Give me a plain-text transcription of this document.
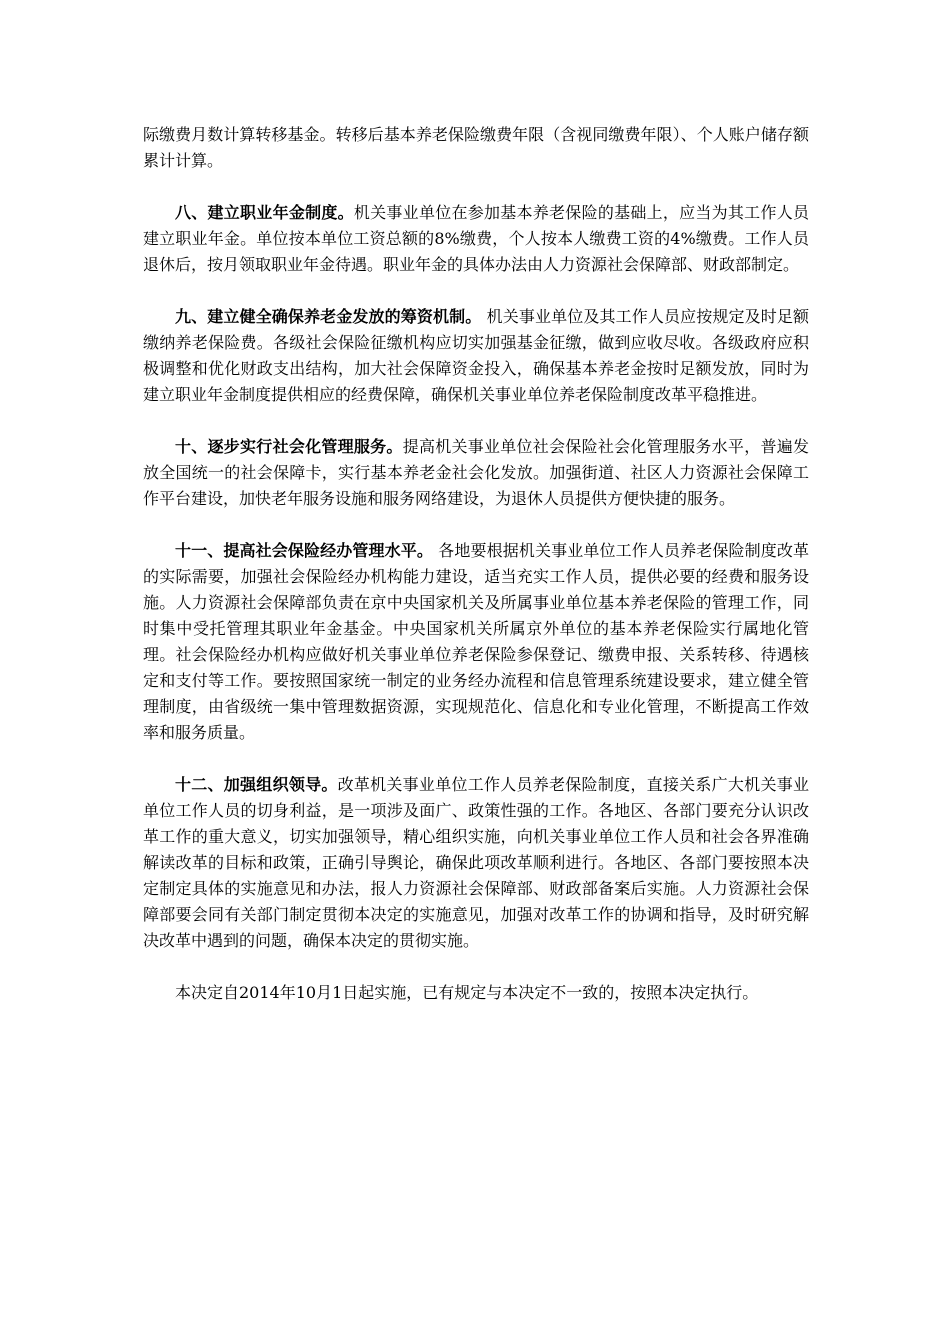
际缴费月数计算转移基金。转移后基本养老保险缴费年限（含视同缴费年限）、个人账户储存额累计计算。

八、建立职业年金制度。机关事业单位在参加基本养老保险的基础上，应当为其工作人员建立职业年金。单位按本单位工资总额的8%缴费，个人按本人缴费工资的4%缴费。工作人员退休后，按月领取职业年金待遇。职业年金的具体办法由人力资源社会保障部、财政部制定。

九、建立健全确保养老金发放的筹资机制。 机关事业单位及其工作人员应按规定及时足额缴纳养老保险费。各级社会保险征缴机构应切实加强基金征缴，做到应收尽收。各级政府应积极调整和优化财政支出结构，加大社会保障资金投入，确保基本养老金按时足额发放，同时为建立职业年金制度提供相应的经费保障，确保机关事业单位养老保险制度改革平稳推进。

十、逐步实行社会化管理服务。提高机关事业单位社会保险社会化管理服务水平，普遍发放全国统一的社会保障卡，实行基本养老金社会化发放。加强街道、社区人力资源社会保障工作平台建设，加快老年服务设施和服务网络建设，为退休人员提供方便快捷的服务。

十一、提高社会保险经办管理水平。 各地要根据机关事业单位工作人员养老保险制度改革的实际需要，加强社会保险经办机构能力建设，适当充实工作人员，提供必要的经费和服务设施。人力资源社会保障部负责在京中央国家机关及所属事业单位基本养老保险的管理工作，同时集中受托管理其职业年金基金。中央国家机关所属京外单位的基本养老保险实行属地化管理。社会保险经办机构应做好机关事业单位养老保险参保登记、缴费申报、关系转移、待遇核定和支付等工作。要按照国家统一制定的业务经办流程和信息管理系统建设要求，建立健全管理制度，由省级统一集中管理数据资源，实现规范化、信息化和专业化管理，不断提高工作效率和服务质量。

十二、加强组织领导。改革机关事业单位工作人员养老保险制度，直接关系广大机关事业单位工作人员的切身利益，是一项涉及面广、政策性强的工作。各地区、各部门要充分认识改革工作的重大意义，切实加强领导，精心组织实施，向机关事业单位工作人员和社会各界准确解读改革的目标和政策，正确引导舆论，确保此项改革顺利进行。各地区、各部门要按照本决定制定具体的实施意见和办法，报人力资源社会保障部、财政部备案后实施。人力资源社会保障部要会同有关部门制定贯彻本决定的实施意见，加强对改革工作的协调和指导，及时研究解决改革中遇到的问题，确保本决定的贯彻实施。

本决定自2014年10月1日起实施，已有规定与本决定不一致的，按照本决定执行。
